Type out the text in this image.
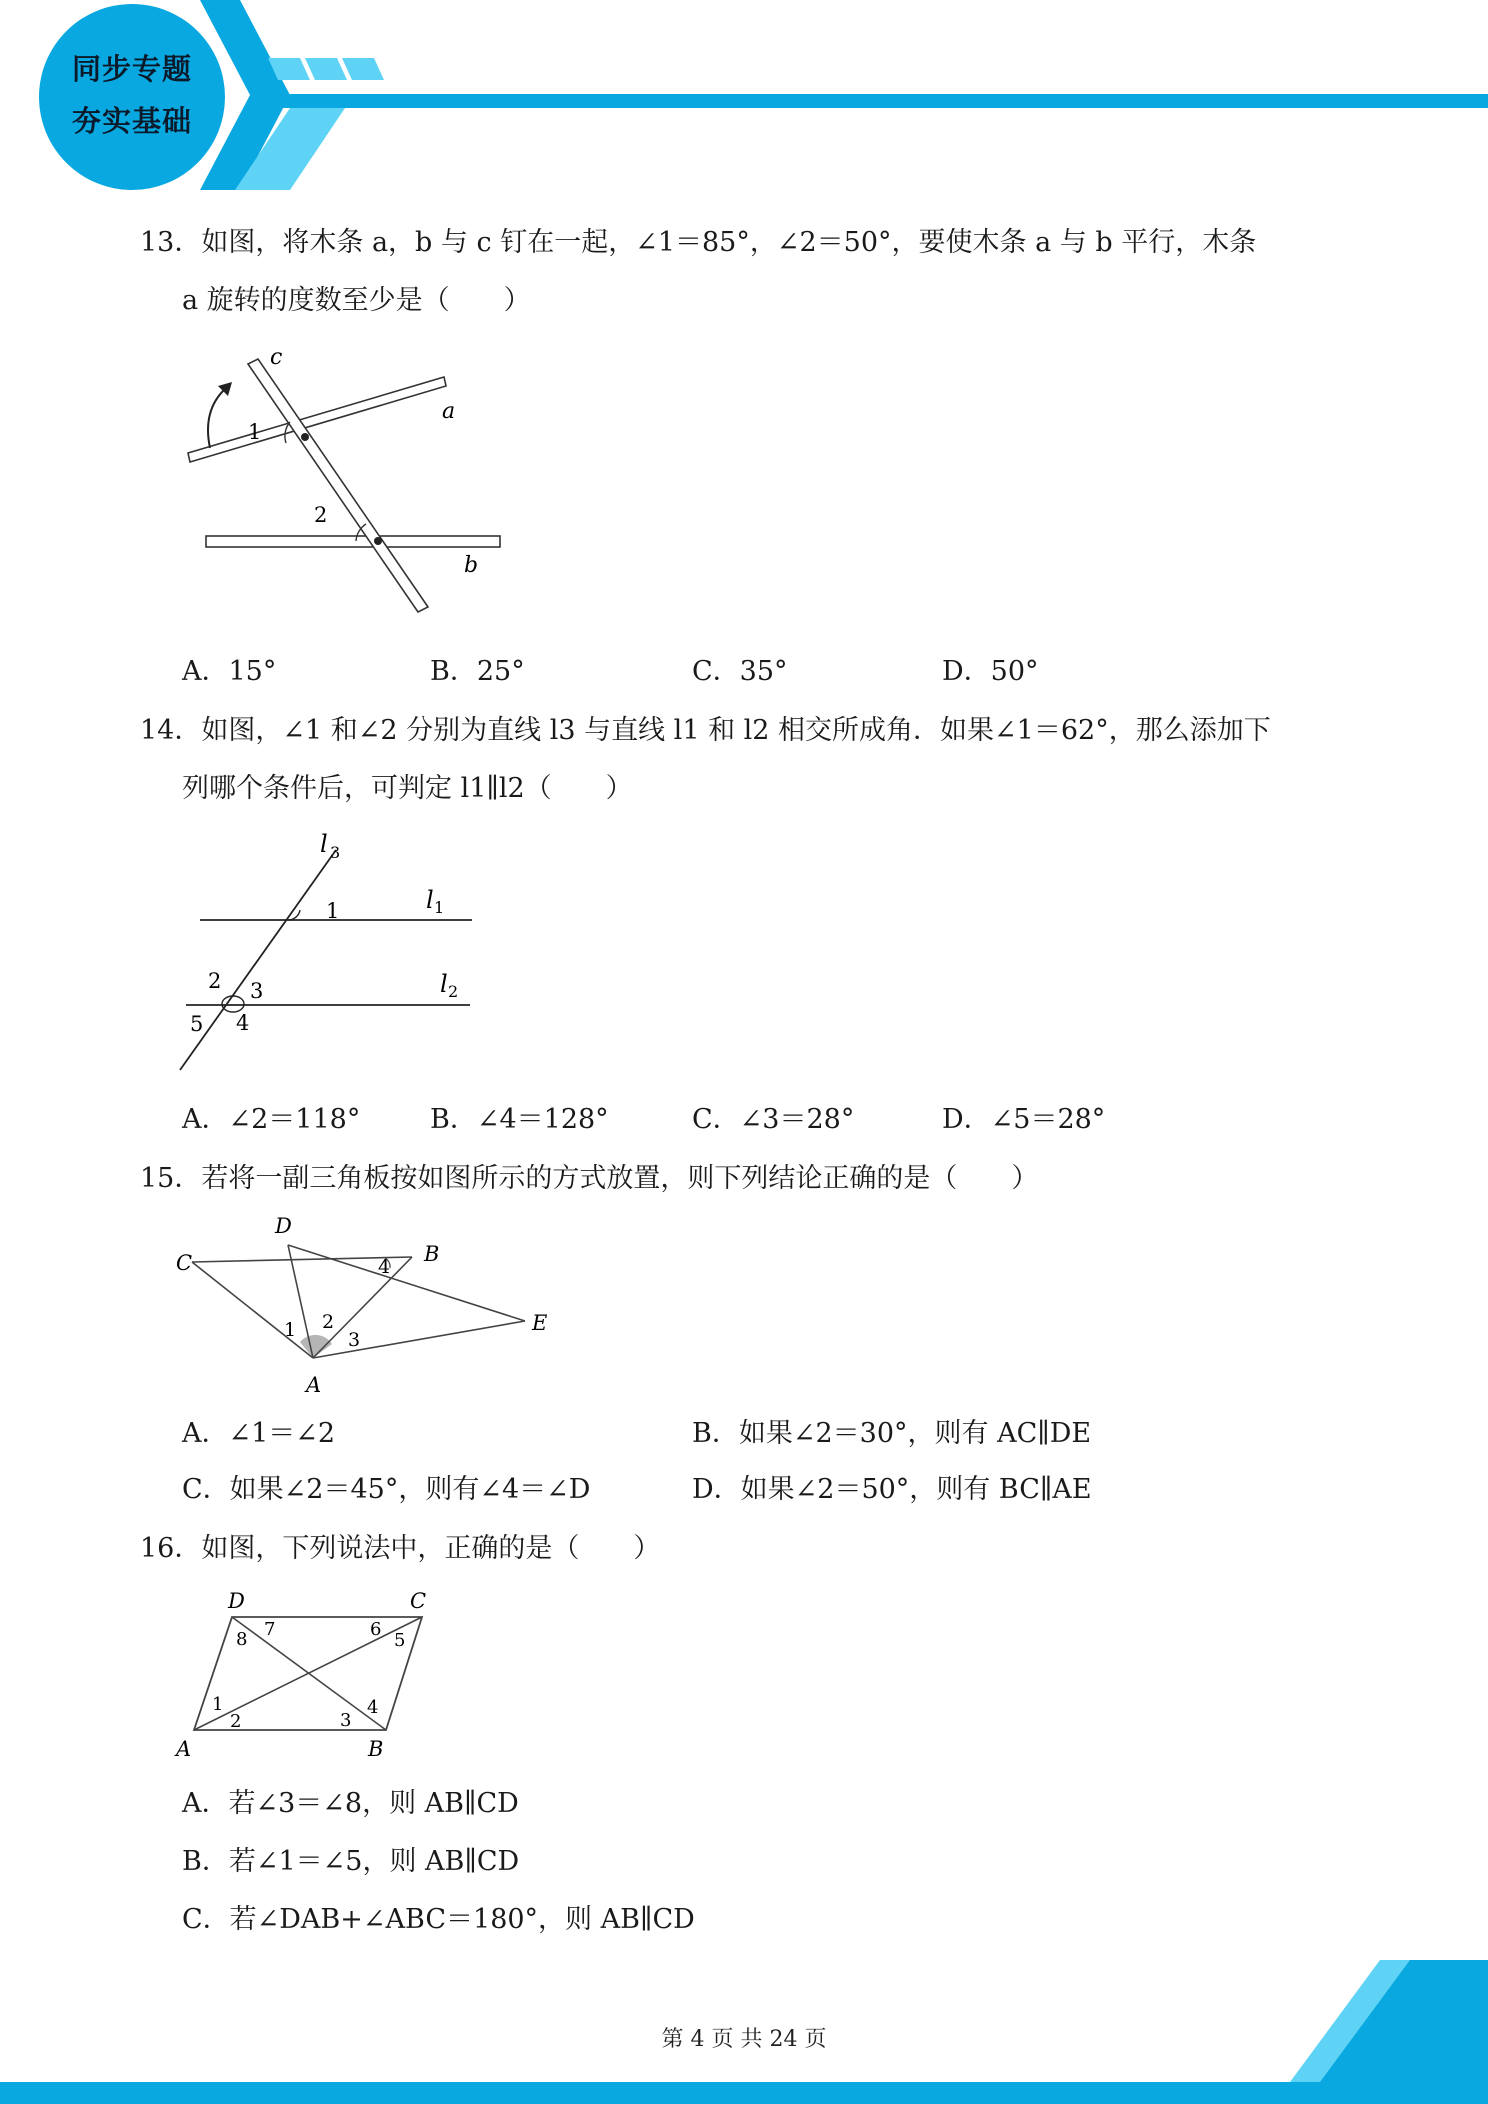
同步专题
夯实基础
13．如图，将木条 a，b 与 c 钉在一起，∠1＝85°，∠2＝50°，要使木条 a 与 b 平行，木条
a 旋转的度数至少是（　　）
c
a
b
1
2
A．15°	B．25°	C．35°	D．50°
14．如图，∠1 和∠2 分别为直线 l3 与直线 l1 和 l2 相交所成角．如果∠1＝62°，那么添加下
列哪个条件后，可判定 l1∥l2（　　）
l 3
l 1
l 2
1
2 3
4
5
A．∠2＝118°	B．∠4＝128°	C．∠3＝28°	D．∠5＝28°
15．若将一副三角板按如图所示的方式放置，则下列结论正确的是（　　）
D
C	B
E
A
1 2
3
4
A．∠1＝∠2	B．如果∠2＝30°，则有 AC∥DE
C．如果∠2＝45°，则有∠4＝∠D	D．如果∠2＝50°，则有 BC∥AE
16．如图，下列说法中，正确的是（　　）
D	C
A	B
1
2	3
4
5
6
7
8
A．若∠3＝∠8，则 AB∥CD
B．若∠1＝∠5，则 AB∥CD
C．若∠DAB+∠ABC＝180°，则 AB∥CD
第 4 页 共 24 页
